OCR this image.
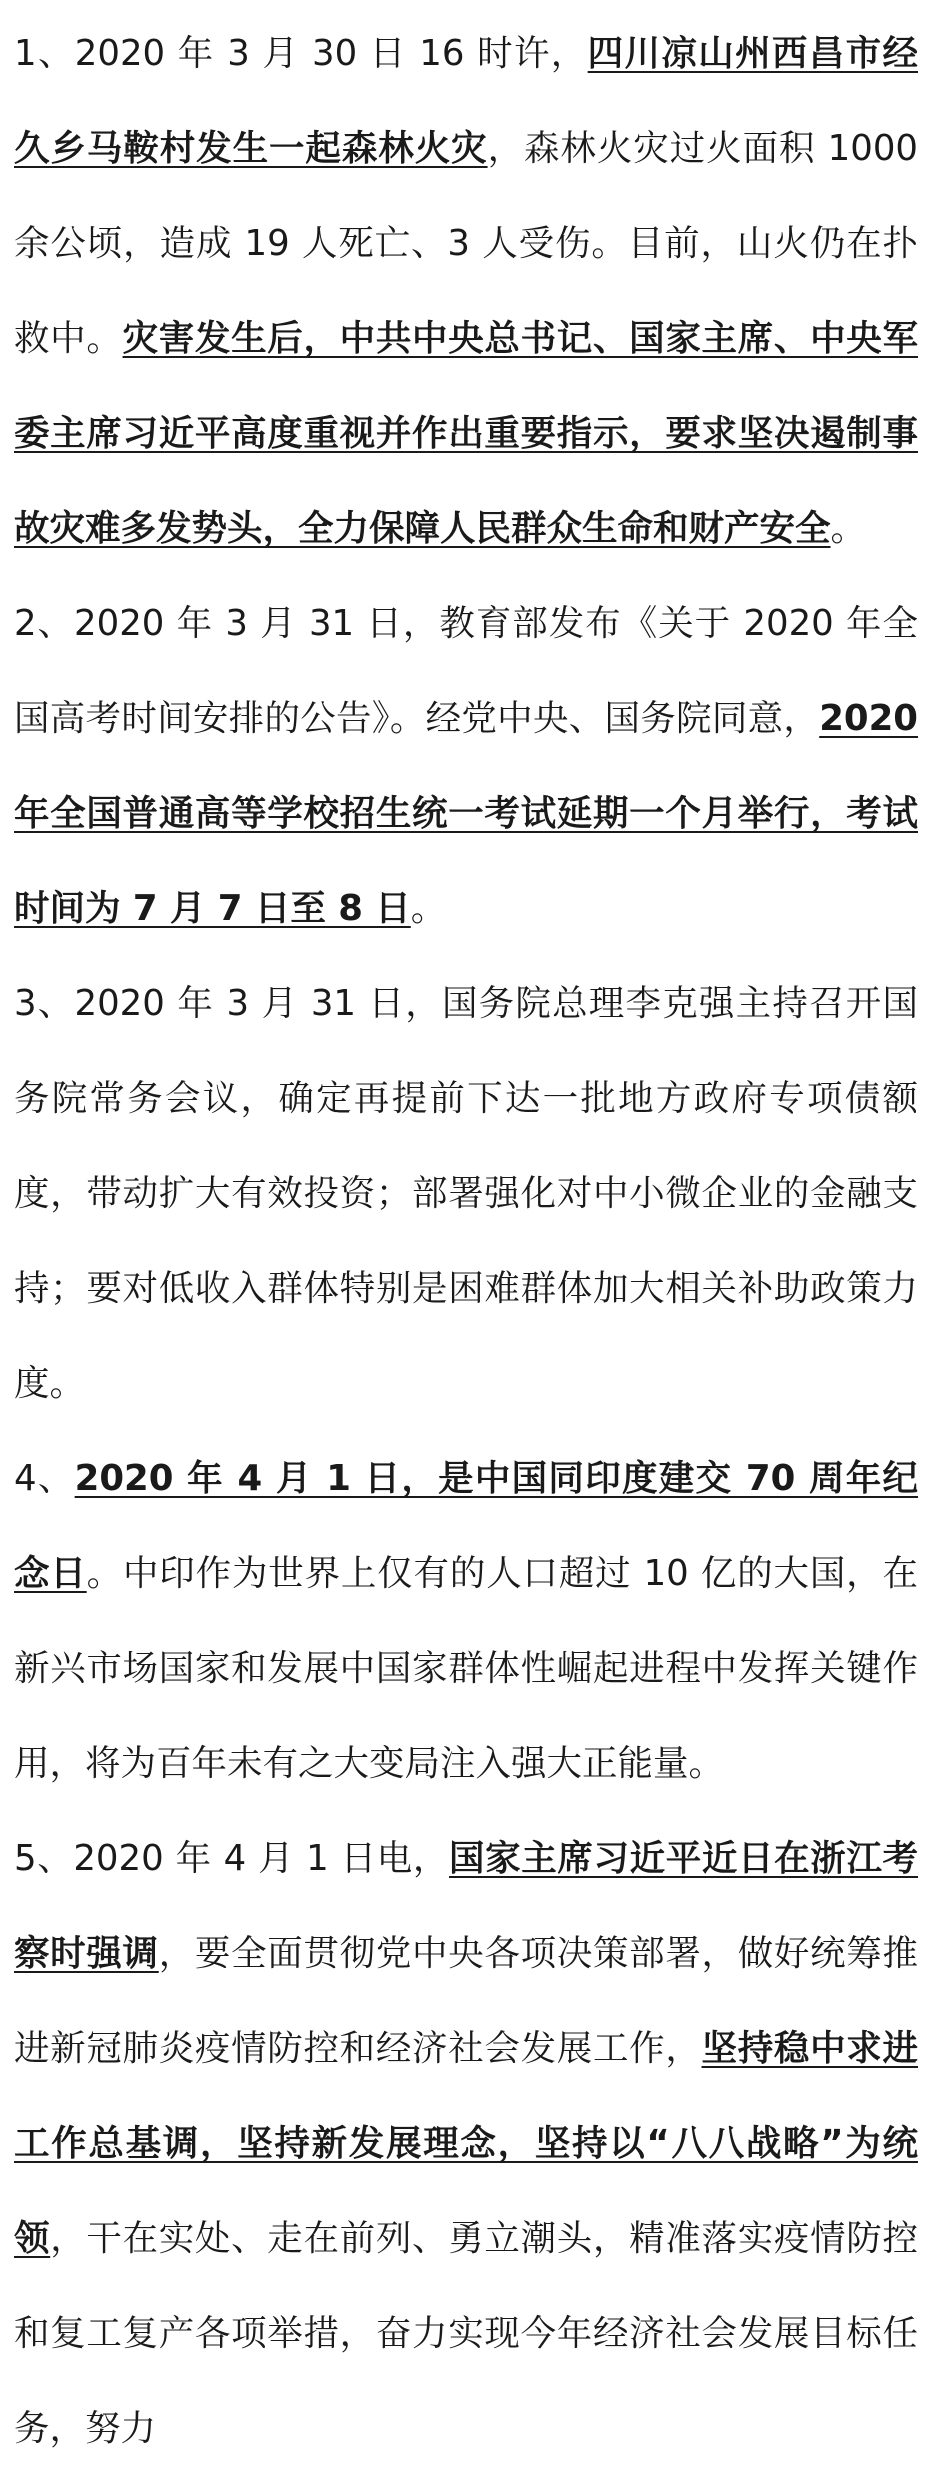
1、2020 年 3 月 30 日 16 时许，四川凉山州西昌市经久乡马鞍村发生一起森林火灾，森林火灾过火面积 1000 余公顷，造成 19 人死亡、3 人受伤。目前，山火仍在扑救中。灾害发生后，中共中央总书记、国家主席、中央军委主席习近平高度重视并作出重要指示，要求坚决遏制事故灾难多发势头，全力保障人民群众生命和财产安全。

2、2020 年 3 月 31 日，教育部发布《关于 2020 年全国高考时间安排的公告》。经党中央、国务院同意，2020 年全国普通高等学校招生统一考试延期一个月举行，考试时间为 7 月 7 日至 8 日。

3、2020 年 3 月 31 日，国务院总理李克强主持召开国务院常务会议，确定再提前下达一批地方政府专项债额度，带动扩大有效投资；部署强化对中小微企业的金融支持；要对低收入群体特别是困难群体加大相关补助政策力度。

4、2020 年 4 月 1 日，是中国同印度建交 70 周年纪念日。中印作为世界上仅有的人口超过 10 亿的大国，在新兴市场国家和发展中国家群体性崛起进程中发挥关键作用，将为百年未有之大变局注入强大正能量。

5、2020 年 4 月 1 日电，国家主席习近平近日在浙江考察时强调，要全面贯彻党中央各项决策部署，做好统筹推进新冠肺炎疫情防控和经济社会发展工作，坚持稳中求进工作总基调，坚持新发展理念，坚持以“八八战略”为统领，干在实处、走在前列、勇立潮头，精准落实疫情防控和复工复产各项举措，奋力实现今年经济社会发展目标任务，努力
